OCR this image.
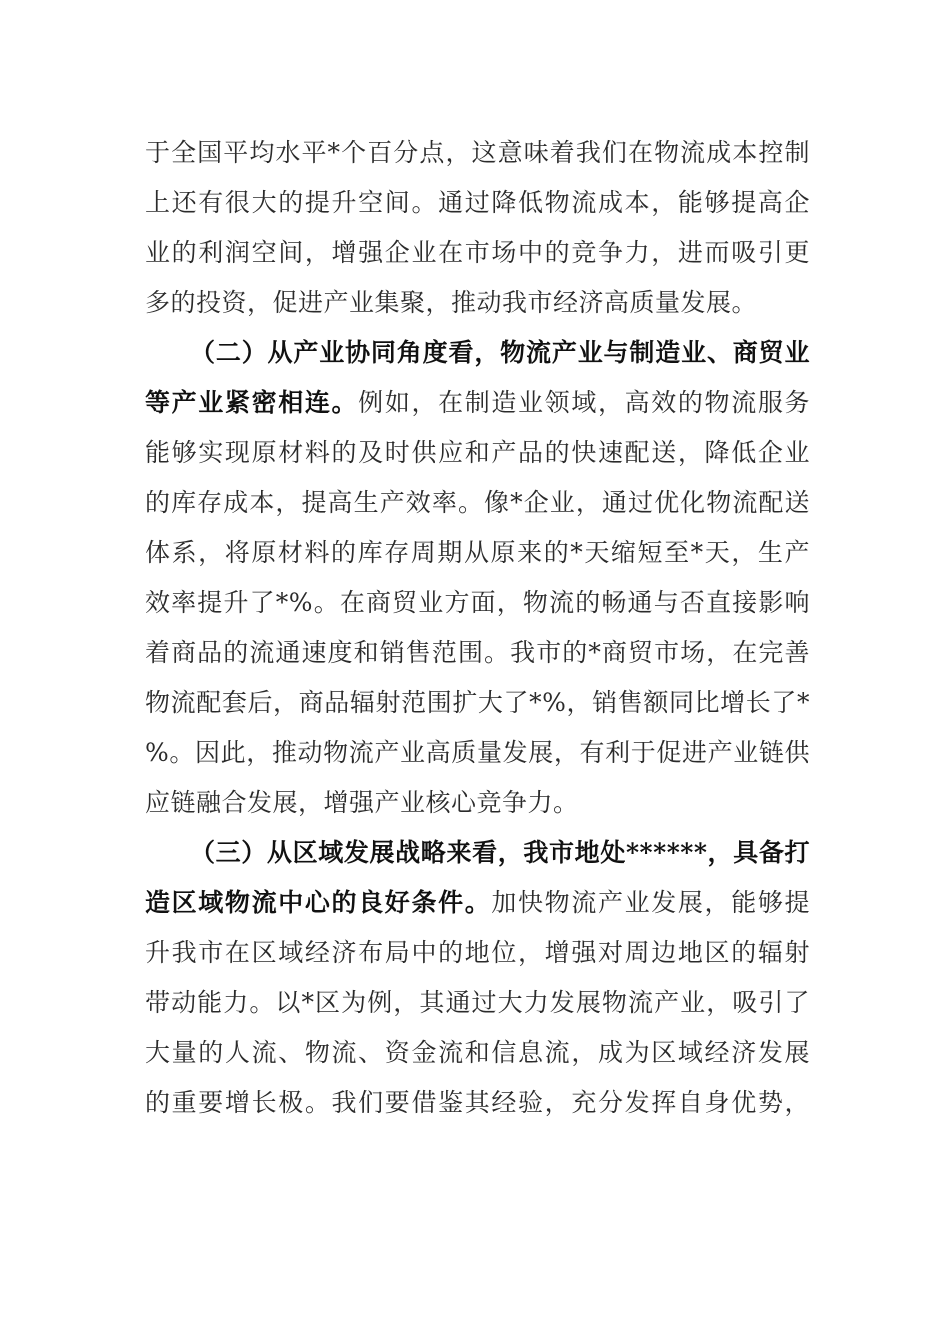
于全国平均水平*个百分点，这意味着我们在物流成本控制
上还有很大的提升空间。通过降低物流成本，能够提高企
业的利润空间，增强企业在市场中的竞争力，进而吸引更
多的投资，促进产业集聚，推动我市经济高质量发展。
（二）从产业协同角度看，物流产业与制造业、商贸业
等产业紧密相连。例如，在制造业领域，高效的物流服务
能够实现原材料的及时供应和产品的快速配送，降低企业
的库存成本，提高生产效率。像*企业，通过优化物流配送
体系，将原材料的库存周期从原来的*天缩短至*天，生产
效率提升了*%。在商贸业方面，物流的畅通与否直接影响
着商品的流通速度和销售范围。我市的*商贸市场，在完善
物流配套后，商品辐射范围扩大了*%，销售额同比增长了*
%。因此，推动物流产业高质量发展，有利于促进产业链供
应链融合发展，增强产业核心竞争力。
（三）从区域发展战略来看，我市地处******，具备打
造区域物流中心的良好条件。加快物流产业发展，能够提
升我市在区域经济布局中的地位，增强对周边地区的辐射
带动能力。以*区为例，其通过大力发展物流产业，吸引了
大量的人流、物流、资金流和信息流，成为区域经济发展
的重要增长极。我们要借鉴其经验，充分发挥自身优势，
